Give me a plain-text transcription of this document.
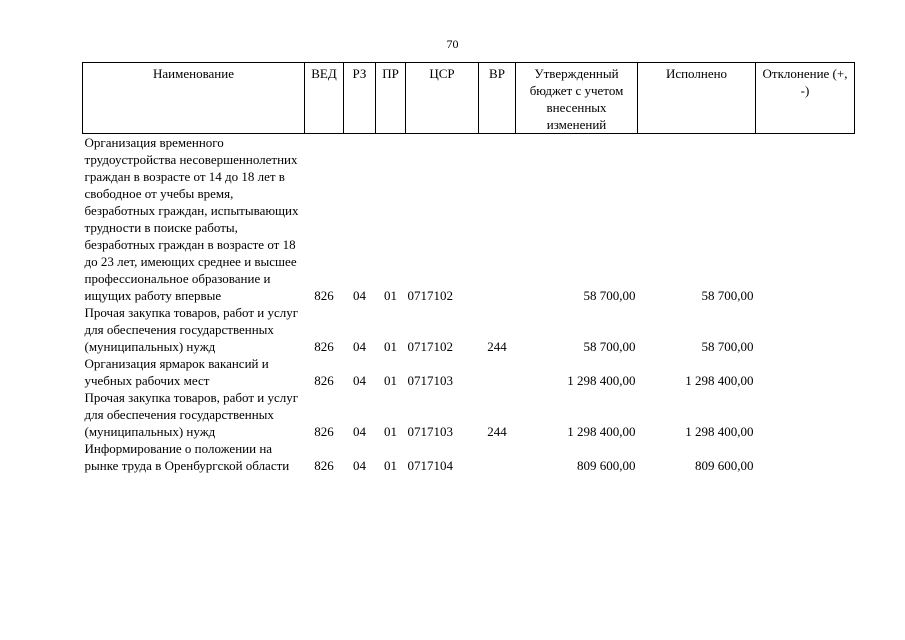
70
Наименование	ВЕД	РЗ	ПР	ЦСР	ВР	Утвержденный бюджет с учетом внесенных изменений	Исполнено	Отклонение (+, -)
Организация временного трудоустройства несовершеннолетних граждан в возрасте от 14 до 18 лет в свободное от учебы время, безработных граждан, испытывающих трудности в поиске работы, безработных граждан в возрасте от 18 до 23 лет, имеющих среднее и высшее профессиональное образование и ищущих работу впервые	826	04	01	0717102		58 700,00	58 700,00	
Прочая закупка товаров, работ и услуг для обеспечения государственных (муниципальных) нужд	826	04	01	0717102	244	58 700,00	58 700,00	
Организация ярмарок вакансий и учебных рабочих мест	826	04	01	0717103		1 298 400,00	1 298 400,00	
Прочая закупка товаров, работ и услуг для обеспечения государственных (муниципальных) нужд	826	04	01	0717103	244	1 298 400,00	1 298 400,00	
Информирование о положении на рынке труда в Оренбургской области	826	04	01	0717104		809 600,00	809 600,00	
